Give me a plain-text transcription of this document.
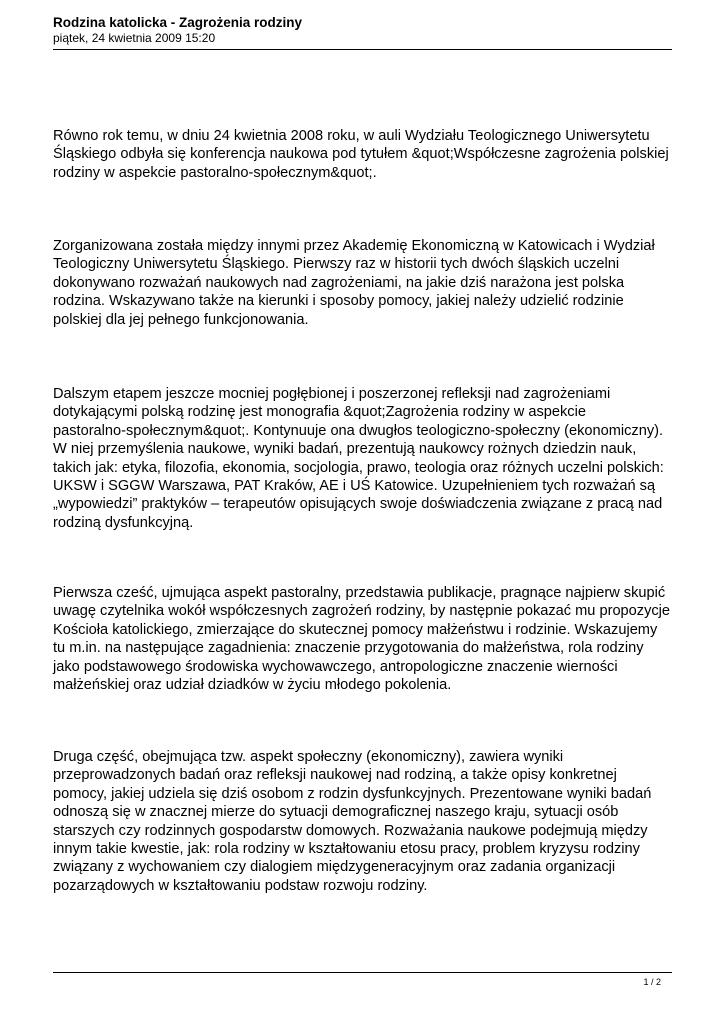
Rodzina katolicka - Zagrożenia rodziny
piątek, 24 kwietnia 2009 15:20

Równo rok temu, w dniu 24 kwietnia 2008 roku, w auli Wydziału Teologicznego Uniwersytetu
Śląskiego odbyła się konferencja naukowa pod tytułem &quot;Współczesne zagrożenia polskiej
rodziny w aspekcie pastoralno-społecznym&quot;.

Zorganizowana została między innymi przez Akademię Ekonomiczną w Katowicach i Wydział
Teologiczny Uniwersytetu Śląskiego. Pierwszy raz w historii tych dwóch śląskich uczelni
dokonywano rozważań naukowych nad zagrożeniami, na jakie dziś narażona jest polska
rodzina. Wskazywano także na kierunki i sposoby pomocy, jakiej należy udzielić rodzinie
polskiej dla jej pełnego funkcjonowania.

Dalszym etapem jeszcze mocniej pogłębionej i poszerzonej refleksji nad zagrożeniami
dotykającymi polską rodzinę jest monografia &quot;Zagrożenia rodziny w aspekcie
pastoralno-społecznym&quot;. Kontynuuje ona dwugłos teologiczno-społeczny (ekonomiczny).
W niej przemyślenia naukowe, wyniki badań, prezentują naukowcy rożnych dziedzin nauk,
takich jak: etyka, filozofia, ekonomia, socjologia, prawo, teologia oraz różnych uczelni polskich:
UKSW i SGGW Warszawa, PAT Kraków, AE i UŚ Katowice. Uzupełnieniem tych rozważań są
„wypowiedzi” praktyków – terapeutów opisujących swoje doświadczenia związane z pracą nad
rodziną dysfunkcyjną.

Pierwsza cześć, ujmująca aspekt pastoralny, przedstawia publikacje, pragnące najpierw skupić
uwagę czytelnika wokół współczesnych zagrożeń rodziny, by następnie pokazać mu propozycje
Kościoła katolickiego, zmierzające do skutecznej pomocy małżeństwu i rodzinie. Wskazujemy
tu m.in. na następujące zagadnienia: znaczenie przygotowania do małżeństwa, rola rodziny
jako podstawowego środowiska wychowawczego, antropologiczne znaczenie wierności
małżeńskiej oraz udział dziadków w życiu młodego pokolenia.

Druga część, obejmująca tzw. aspekt społeczny (ekonomiczny), zawiera wyniki
przeprowadzonych badań oraz refleksji naukowej nad rodziną, a także opisy konkretnej
pomocy, jakiej udziela się dziś osobom z rodzin dysfunkcyjnych. Prezentowane wyniki badań
odnoszą się w znacznej mierze do sytuacji demograficznej naszego kraju, sytuacji osób
starszych czy rodzinnych gospodarstw domowych. Rozważania naukowe podejmują między
innym takie kwestie, jak: rola rodziny w kształtowaniu etosu pracy, problem kryzysu rodziny
związany z wychowaniem czy dialogiem międzygeneracyjnym oraz zadania organizacji
pozarządowych w kształtowaniu podstaw rozwoju rodziny.

1 / 2
